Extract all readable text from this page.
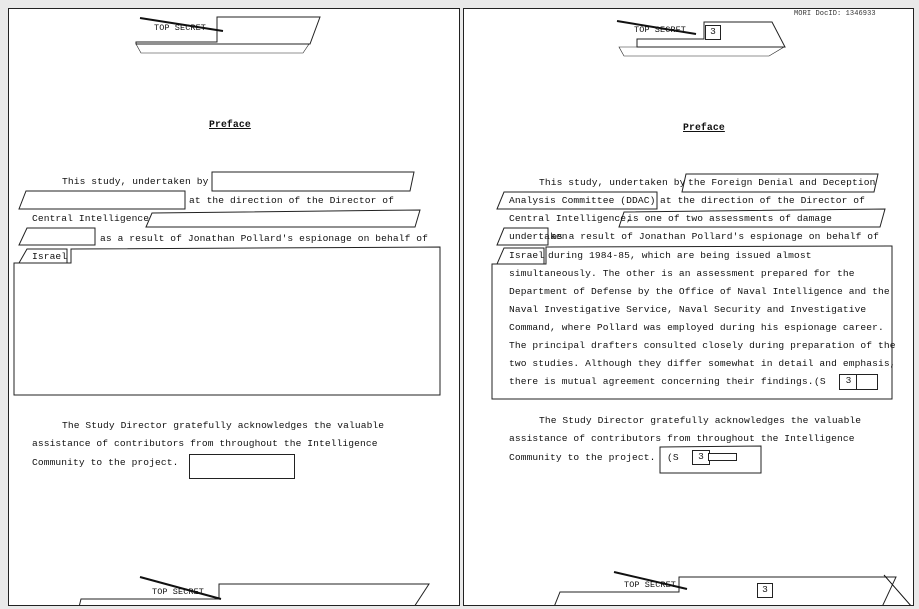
TOP SECRET
Preface
This study, undertaken by
at the direction of the Director of
Central Intelligence
as a result of Jonathan Pollard's espionage on behalf of
Israel
The Study Director gratefully acknowledges the valuable
assistance of contributors from throughout the Intelligence
Community to the project.
TOP SECRET
MORI DocID: 1346933
TOP SECRET	3
Preface
This study, undertaken by the Foreign Denial and Deception
Analysis Committee (DDAC) at the direction of the Director of
Central Intelligence,
is one of two assessments of damage
undertaken
as a result of Jonathan Pollard's espionage on behalf of
Israel during 1984-85, which are being issued almost
simultaneously. The other is an assessment prepared for the
Department of Defense by the Office of Naval Intelligence and the
Naval Investigative Service, Naval Security and Investigative
Command, where Pollard was employed during his espionage career.
The principal drafters consulted closely during preparation of the
two studies. Although they differ somewhat in detail and emphasis,
there is mutual agreement concerning their findings. (S	3
The Study Director gratefully acknowledges the valuable
assistance of contributors from throughout the Intelligence
Community to the project. (S	3
TOP SECRET	3
